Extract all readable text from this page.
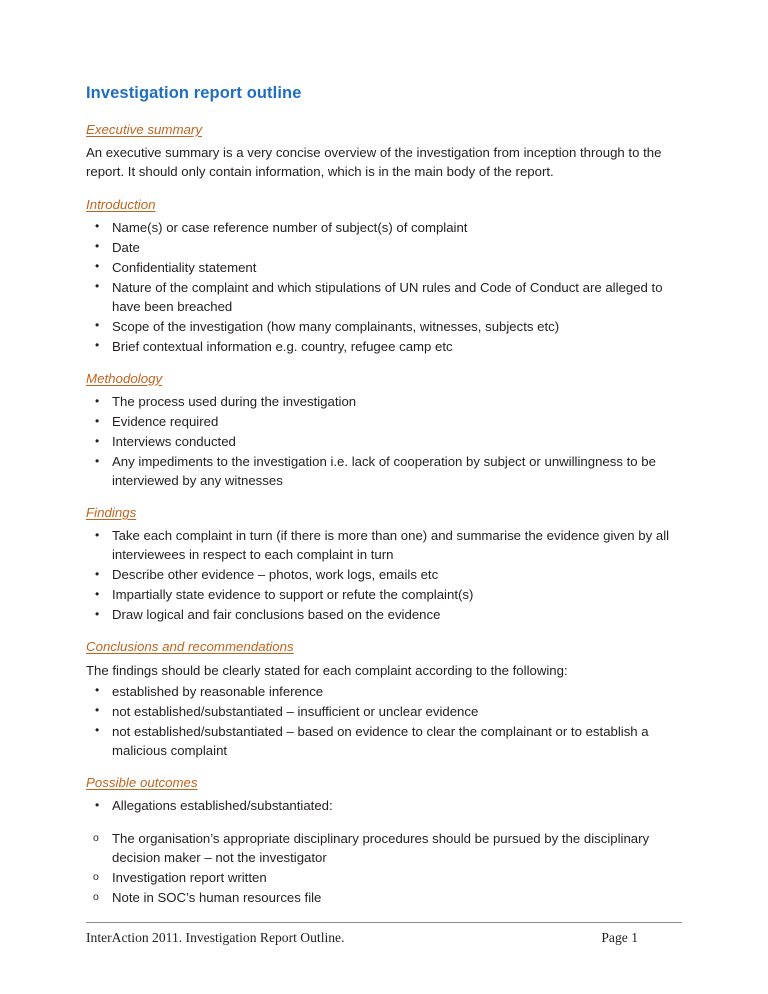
Investigation report outline
Executive summary

An executive summary is a very concise overview of the investigation from inception through to the report. It should only contain information, which is in the main body of the report.

Introduction
• Name(s) or case reference number of subject(s) of complaint
• Date
• Confidentiality statement
• Nature of the complaint and which stipulations of UN rules and Code of Conduct are alleged to have been breached
• Scope of the investigation (how many complainants, witnesses, subjects etc)
• Brief contextual information e.g. country, refugee camp etc
Methodology
• The process used during the investigation
• Evidence required
• Interviews conducted
• Any impediments to the investigation i.e. lack of cooperation by subject or unwillingness to be interviewed by any witnesses
Findings
• Take each complaint in turn (if there is more than one) and summarise the evidence given by all interviewees in respect to each complaint in turn
• Describe other evidence – photos, work logs, emails etc
• Impartially state evidence to support or refute the complaint(s)
• Draw logical and fair conclusions based on the evidence
Conclusions and recommendations

The findings should be clearly stated for each complaint according to the following:

• established by reasonable inference
• not established/substantiated – insufficient or unclear evidence
• not established/substantiated – based on evidence to clear the complainant or to establish a malicious complaint
Possible outcomes
• Allegations established/substantiated:
o The organisation’s appropriate disciplinary procedures should be pursued by the disciplinary decision maker – not the investigator
o Investigation report written
o Note in SOC’s human resources file
InterAction 2011. Investigation Report Outline.	Page 1
